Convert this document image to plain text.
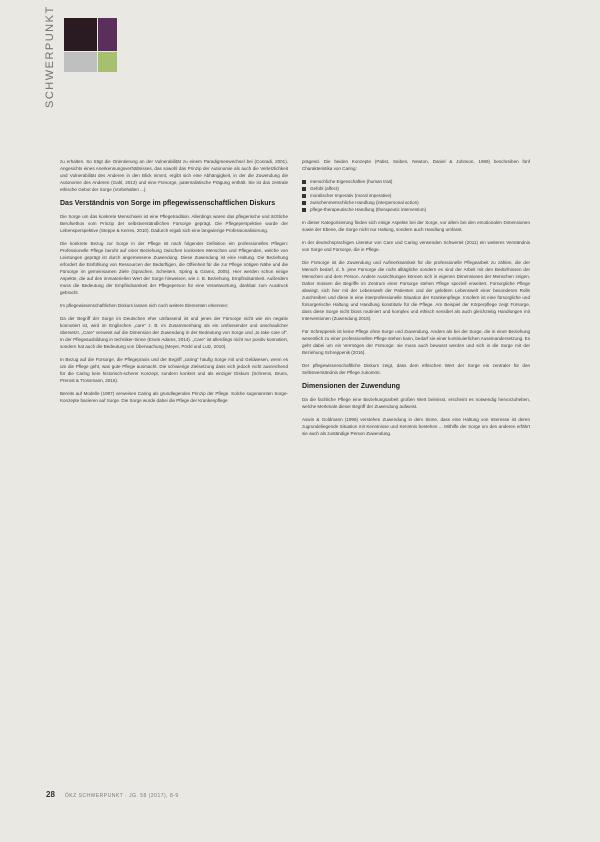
SCHWERPUNKT

zu erhalten. So trägt die Orientierung an der Vulnerabilität zu einem Paradigmenwechsel bei (Conradi, 2001). Angesichts eines Anerkennungsverhältnisses, das sowohl das Prinzip der Autonomie als auch die Verletzlichkeit und Vulnerabilität des Anderen in den Blick nimmt, ergibt sich eine Abhängigkeit, in der die Zuwendung die Autonomie des Anderen (Gahl, 2013) und eine Fürsorge, paternalistische Prägung enthält. Sie ist das zentrale ethische Gebot der Sorge (Vorbehalten ...).

Das Verständnis von Sorge im pflegewissenschaftlichen Diskurs

Die Sorge um das konkrete Menschsein ist eine Pflegetradition. Allerdings waren das pflegerische und ärztliche Berufsethos vom Prinzip der selbstverständlichen Fürsorge geprägt. Die Pflegeperspektive wurde der Lebensperspektive (Steppe & Kerres, 2010). Dadurch ergab sich eine langwierige Professionalisierung.

Die konkrete Bezug zur Sorge in der Pflege ist nach folgender Definition ein professionelles Pflegen: Professionelle Pflege beruht auf einer Beziehung zwischen konkreten Menschen und Pflegenden, welche von Leistungen geprägt ist durch angemessene Zuwendung. Diese Zuwendung ist eine Haltung. Die Beziehung erfordert die Einfühlung von Ressourcen der Bedürftigen, die Offenheit für die zur Pflege nötigen Nähe und die Fürsorge im gemeinsamen Ziele (Sprachen, Scheitern, Spring & Grams, 2005). Hier werden schon einige Aspekte, die auf den immateriellen Wert der Sorge hinweisen, wie z. B. Beziehung, Empfindsamkeit. Außerdem muss die Bedeutung der Empfindsamkeit der Pflegeperson für eine Verantwortung, dankbar zum Ausdruck gebracht.

Im pflegewissenschaftlichen Diskurs lassen sich noch weitere Elementen erkennen:

Da der Begriff der Sorge im Deutschen eher umfassend ist und jenes der Fürsorge nicht wie ein negativ konnotiert ist, wird im Englischen „care“ z. B. im Zusammenhang als ein umfassender und anschaulicher übersetzt. „Care“ verweist auf die Dimension der Zuwendung in der Bedeutung von Sorge und „to take care of“. In der Pflegeausbildung in techniker-Sinne (Erwin Adams, 2014). „Care“ ist allerdings nicht nur positiv konnotiert, sondern hat auch die Bedeutung von Überwachung (Meyer, Pöckl und Lutz, 2010).

In Bezug auf die Fürsorge, die Pflegepraxis und der Begriff „caring“ häufig Sorge mit und Geldwesen, wenn es um die Pflege geht, was gute Pflege ausmacht. Die schwierige Zielsetzung dass sich jedoch nicht ausreichend für die Caring kein historisch-scherer Konzept, sondern konkret und als einziger Diskurs (Schrems, Bruns, Prerost & Trossmann, 2016).

Bereits auf Modelle (1997) verweisen Caring als grundlegendes Prinzip der Pflege. Solche sogenannten Sorge-Konzepte basieren auf Sorge. Die Sorge wurde dabei die Pflege der Krankenpflege

prägend. Die beiden Konzepte (Pabst, Seiben, Newton, Daniel & Johnson, 1969) beschreiben fünf Charakteristika von Caring:

menschliche Eigenschaften (human trait)
Gefühl (affect)
moralischer Imperativ (moral imperative)
zwischenmenschliche Handlung (interpersonal action)
pflege-therapeutische Handlung (therapeutic intervention)

In dieser Kategorisierung finden sich einige Aspekte bei der Sorge, vor allem bei den emotionalen Dimensionen sowie der Ebene, die Sorge nicht nur Haltung, sondern auch Handlung umfasst.

In der deutschsprachigen Literatur von Care und Caring verwenden Schwertel (2011) ein weiteres Verständnis von Sorge und Fürsorge, die in Pflege.

Die Fürsorge ist die Zuwendung und Aufmerksamkeit für die professionelle Pflegearbeit zu zählen, die der Mensch bedarf, d. h. jene Fürsorge die nicht alltägliche sondern es sind der Arbeit mit den Bedürfnissen der Menschen und dem Person. Andere Ausrichtungen können sich in eigenen Dimensionen der Menschen zeigen. Daher müssen die Begriffe im Zentrum einer Fürsorge stehen Pflege speziell erweitert. Fürsorgliche Pflege abwiegt, sich hier mit der Lebenswelt der Patienten und der gelebten Lebenswelt einer besonderen Rolle zuschreiben und diese in eine interprofessionelle Situation der Krankenpflege. Insofern ist eine fürsorgliche und fürsorgerische Haltung und Handlung konstitutiv für die Pflege. Am Beispiel der Körperpflege zeigt Fürsorge, dass diese Sorge nicht bloss routiniert und komplex und ethisch sensibel als auch gleichzeitig Handlungen mit Interventionen (Zuwendung 2016).

Für Schreppenik ist keine Pflege ohne Sorge und Zuwendung. Anders als bei der Sorge, die in einer Beziehung wesentlich zu einer professionellen Pflege stehen kann, bedarf sie einer kontinuierlichen Auseinandersetzung. Es geht dabei um ein Vermögen der Fürsorge: sie muss auch bewusst werden und sich in die Sorge mit der Beziehung Schreppenik (2016).

Der pflegewissenschaftliche Diskurs zeigt, dass dem ethischen Wert der Sorge ein zentraler für den Selbstverständnis der Pflege zukommt.

Dimensionen der Zuwendung

Da die fachliche Pflege eine Beziehungsarbeit großen Wert beimisst, erscheint es notwendig hervorzuheben, welche Merkmale dieser Begriff der Zuwendung aufweist.

Aswin & Goldmann (1996) verstehen Zuwendung in dem Sinne, dass eine Haltung von Interesse ist deren zugrundeliegende Situation mit Kenntnisse und Kenntnis bestehen ... Mithilfe der Sorge um den anderen erfährt sie auch als zuständige Person Zuwendung.

28 ÖKZ SCHWERPUNKT · JG. 58 (2017), 8-9
